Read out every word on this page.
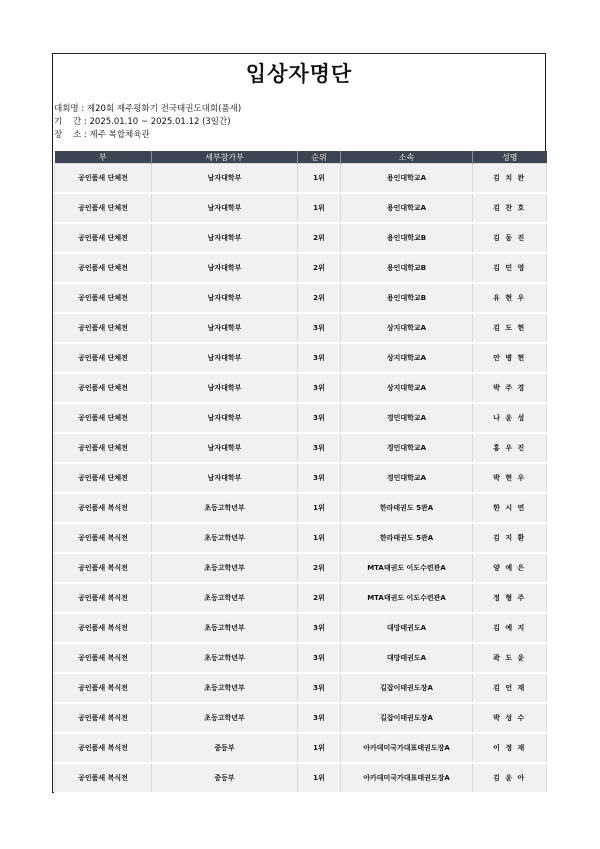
입상자명단
대회명 : 제20회 제주평화기 전국태권도대회(품새)
기    간 : 2025.01.10 ~ 2025.01.12 (3일간)
장    소 : 제주 복합체육관
부	세부참가부	순위	소속	성명
공인품새 단체전	남자대학부	1위	용인대학교A	김 치 완
공인품새 단체전	남자대학부	1위	용인대학교A	김 찬 호
공인품새 단체전	남자대학부	2위	용인대학교B	김 동 진
공인품새 단체전	남자대학부	2위	용인대학교B	김 민 영
공인품새 단체전	남자대학부	2위	용인대학교B	유 현 우
공인품새 단체전	남자대학부	3위	상지대학교A	김 도 현
공인품새 단체전	남자대학부	3위	상지대학교A	안 병 현
공인품새 단체전	남자대학부	3위	상지대학교A	박 주 경
공인품새 단체전	남자대학부	3위	경민대학교A	나 윤 성
공인품새 단체전	남자대학부	3위	경민대학교A	홍 우 진
공인품새 단체전	남자대학부	3위	경민대학교A	박 현 우
공인품새 복식전	초등고학년부	1위	한라태권도 5관A	한 시 연
공인품새 복식전	초등고학년부	1위	한라태권도 5관A	김 지 환
공인품새 복식전	초등고학년부	2위	MTA태권도 이도수련관A	양 예 은
공인품새 복식전	초등고학년부	2위	MTA태권도 이도수련관A	정 형 주
공인품새 복식전	초등고학년부	3위	대망태권도A	김 예 지
공인품새 복식전	초등고학년부	3위	대망태권도A	곽 도 윤
공인품새 복식전	초등고학년부	3위	길잡이태권도장A	김 언 재
공인품새 복식전	초등고학년부	3위	길잡이태권도장A	박 성 수
공인품새 복식전	중등부	1위	아카데미국가대표태권도장A	이 정 재
공인품새 복식전	중등부	1위	아카데미국가대표태권도장A	김 윤 아
